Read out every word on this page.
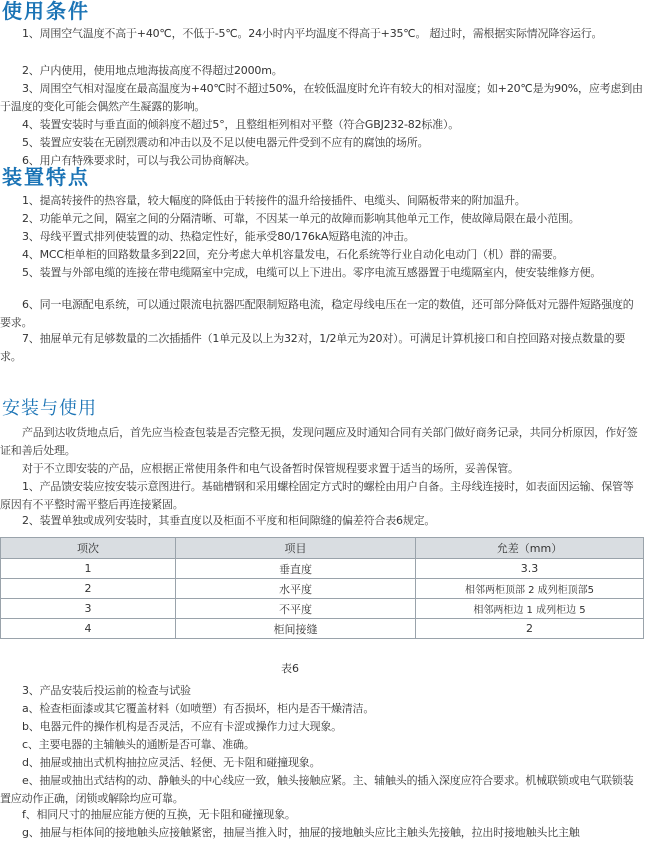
使用条件

1、周围空气温度不高于+40℃，不低于-5℃。24小时内平均温度不得高于+35℃。 超过时，需根据实际情况降容运行。

2、户内使用，使用地点地海拔高度不得超过2000m。

3、周围空气相对湿度在最高温度为+40℃时不超过50%，在较低温度时允许有较大的相对湿度；如+20℃是为90%，应考虑到由于温度的变化可能会偶然产生凝露的影响。

4、装置安装时与垂直面的倾斜度不超过5°，且整组柜列相对平整（符合GBJ232-82标准）。

5、装置应安装在无剧烈震动和冲击以及不足以使电器元件受到不应有的腐蚀的场所。

6、用户有特殊要求时，可以与我公司协商解决。

装置特点

1、提高转接件的热容量，较大幅度的降低由于转接件的温升给接插件、电缆头、间隔板带来的附加温升。

2、功能单元之间，隔室之间的分隔清晰、可靠，不因某一单元的故障而影响其他单元工作，使故障局限在最小范围。

3、母线平置式排列使装置的动、热稳定性好，能承受80/176kA短路电流的冲击。

4、MCC柜单柜的回路数量多到22回，充分考虑大单机容量发电，石化系统等行业自动化电动门（机）群的需要。

5、装置与外部电缆的连接在带电缆隔室中完成，电缆可以上下进出。零序电流互感器置于电缆隔室内，使安装维修方便。

6、同一电源配电系统，可以通过限流电抗器匹配限制短路电流，稳定母线电压在一定的数值，还可部分降低对元器件短路强度的要求。

7、抽屉单元有足够数量的二次插插件（1单元及以上为32对，1/2单元为20对）。可满足计算机接口和自控回路对接点数量的要求。

安装与使用

产品到达收货地点后，首先应当检查包装是否完整无损，发现问题应及时通知合同有关部门做好商务记录，共同分析原因，作好签证和善后处理。

对于不立即安装的产品，应根据正常使用条件和电气设备暂时保管规程要求置于适当的场所，妥善保管。

1、产品馈安装应按安装示意图进行。基础槽钢和采用螺栓固定方式时的螺栓由用户自备。主母线连接时，如表面因运输、保管等原因有不平整时需平整后再连接紧固。

2、装置单独或成列安装时，其垂直度以及柜面不平度和柜间隙缝的偏差符合表6规定。

项次	项目	允差（mm）
1	垂直度	3.3
2	水平度	相邻两柜顶部 2 成列柜顶部5
3	不平度	相邻两柜边 1 成列柜边 5
4	柜间接缝	2
表6

3、产品安装后投运前的检查与试验

a、检查柜面漆或其它覆盖材料（如喷塑）有否损坏，柜内是否干燥清洁。

b、电器元件的操作机构是否灵活，不应有卡涩或操作力过大现象。

c、主要电器的主辅触头的通断是否可靠、准确。

d、抽屉或抽出式机构抽拉应灵活、轻便、无卡阻和碰撞现象。

e、抽屉或抽出式结构的动、静触头的中心线应一致，触头接触应紧。主、辅触头的插入深度应符合要求。机械联锁或电气联锁装置应动作正确，闭锁或解除均应可靠。

f、相同尺寸的抽屉应能方便的互换，无卡阻和碰撞现象。

g、抽屉与柜体间的接地触头应接触紧密，抽屉当推入时，抽屉的接地触头应比主触头先接触，拉出时接地触头比主触
